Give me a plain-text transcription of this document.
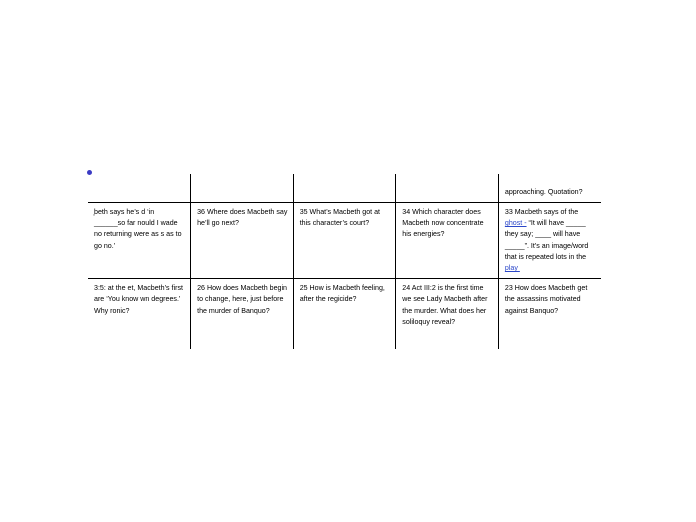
				approaching. Quotation?

̧beth says he’s d ‘in ______so far nould I wade no returning were as s as to go no.’	36 Where does Macbeth say he’ll go next?	35 What’s Macbeth got at this character’s court?	34 Which character does Macbeth now concentrate his energies?	33 Macbeth says of the ghost - “It will have _____ they say; ____ will have _____”. It’s an image/word that is repeated lots in the play

3:5: at the et, Macbeth’s first are ‘You know wn degrees.’ Why ronic?	26 How does Macbeth begin to change, here, just before the murder of Banquo?	25 How is Macbeth feeling, after the regicide?	24 Act III:2 is the first time we see Lady Macbeth after the murder. What does her soliloquy reveal?	23 How does Macbeth get the assassins motivated against Banquo?
